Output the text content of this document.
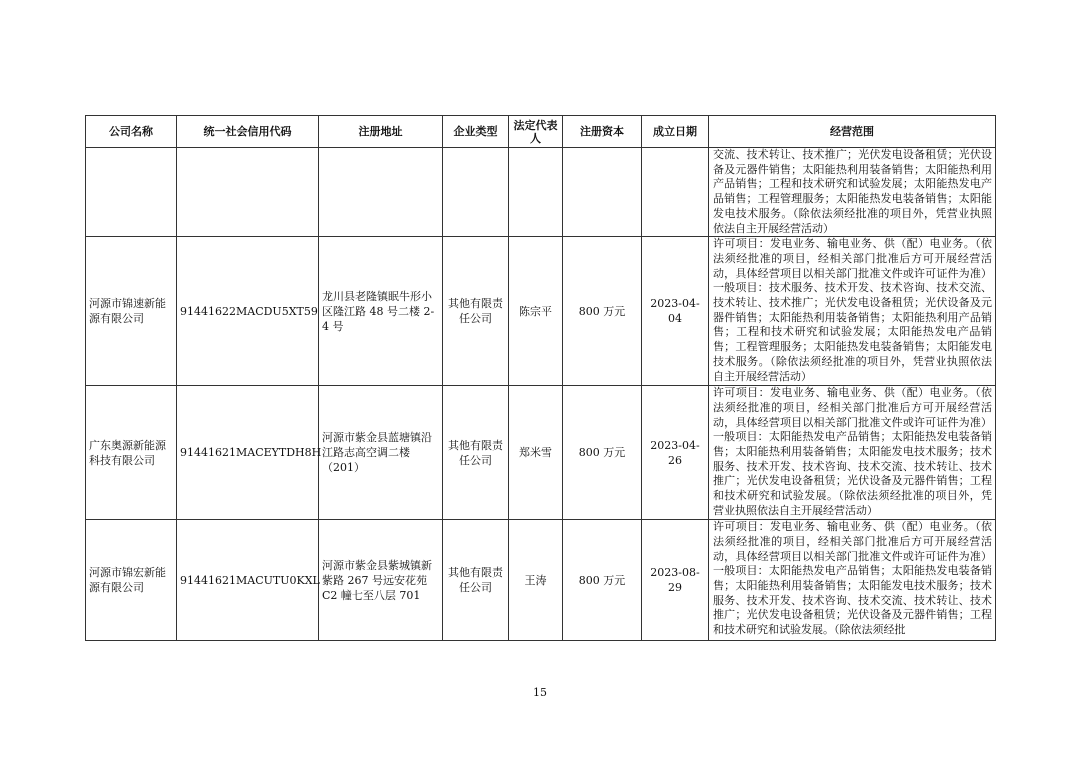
公司名称	统一社会信用代码	注册地址	企业类型	法定代表人	注册资本	成立日期	经营范围
							交流、技术转让、技术推广；光伏发电设备租赁；光伏设备及元器件销售；太阳能热利用装备销售；太阳能热利用产品销售；工程和技术研究和试验发展；太阳能热发电产品销售；工程管理服务；太阳能热发电装备销售；太阳能发电技术服务。（除依法须经批准的项目外，凭营业执照依法自主开展经营活动）
河源市锦速新能源有限公司	91441622MACDU5XT59	龙川县老隆镇眠牛形小区隆江路 48 号二楼 2-4 号	其他有限责任公司	陈宗平	800 万元	2023-04-04	许可项目：发电业务、输电业务、供（配）电业务。（依法须经批准的项目，经相关部门批准后方可开展经营活动，具体经营项目以相关部门批准文件或许可证件为准）一般项目：技术服务、技术开发、技术咨询、技术交流、技术转让、技术推广；光伏发电设备租赁；光伏设备及元器件销售；太阳能热利用装备销售；太阳能热利用产品销售；工程和技术研究和试验发展；太阳能热发电产品销售；工程管理服务；太阳能热发电装备销售；太阳能发电技术服务。（除依法须经批准的项目外，凭营业执照依法自主开展经营活动）
广东奥源新能源科技有限公司	91441621MACEYTDH8H	河源市紫金县蓝塘镇沿江路志高空调二楼（201）	其他有限责任公司	郑米雪	800 万元	2023-04-26	许可项目：发电业务、输电业务、供（配）电业务。（依法须经批准的项目，经相关部门批准后方可开展经营活动，具体经营项目以相关部门批准文件或许可证件为准）一般项目：太阳能热发电产品销售；太阳能热发电装备销售；太阳能热利用装备销售；太阳能发电技术服务；技术服务、技术开发、技术咨询、技术交流、技术转让、技术推广；光伏发电设备租赁；光伏设备及元器件销售；工程和技术研究和试验发展。（除依法须经批准的项目外，凭营业执照依法自主开展经营活动）
河源市锦宏新能源有限公司	91441621MACUTU0KXL	河源市紫金县紫城镇新紫路 267 号远安花苑 C2 幢七至八层 701	其他有限责任公司	王涛	800 万元	2023-08-29	许可项目：发电业务、输电业务、供（配）电业务。（依法须经批准的项目，经相关部门批准后方可开展经营活动，具体经营项目以相关部门批准文件或许可证件为准）一般项目：太阳能热发电产品销售；太阳能热发电装备销售；太阳能热利用装备销售；太阳能发电技术服务；技术服务、技术开发、技术咨询、技术交流、技术转让、技术推广；光伏发电设备租赁；光伏设备及元器件销售；工程和技术研究和试验发展。（除依法须经批
15
